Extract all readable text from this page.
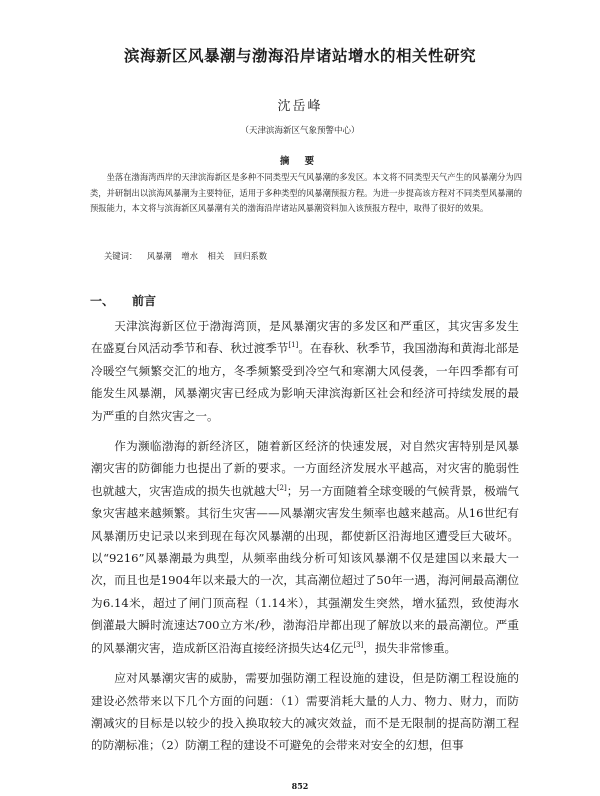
滨海新区风暴潮与渤海沿岸诸站增水的相关性研究
沈岳峰
（天津滨海新区气象预警中心）
摘 要
坐落在渤海湾西岸的天津滨海新区是多种不同类型天气风暴潮的多发区。本文将不同类型天气产生的风暴潮分为四类，并研制出以滨海风暴潮为主要特征，适用于多种类型的风暴潮预报方程。为进一步提高该方程对不同类型风暴潮的预报能力，本文将与滨海新区风暴潮有关的渤海沿岸诸站风暴潮资料加入该预报方程中，取得了很好的效果。
关键词： 风暴潮 增水 相关 回归系数
一、 前言

天津滨海新区位于渤海湾顶，是风暴潮灾害的多发区和严重区，其灾害多发生在盛夏台风活动季节和春、秋过渡季节[1]。在春秋、秋季节，我国渤海和黄海北部是冷暖空气频繁交汇的地方，冬季频繁受到冷空气和寒潮大风侵袭，一年四季都有可能发生风暴潮，风暴潮灾害已经成为影响天津滨海新区社会和经济可持续发展的最为严重的自然灾害之一。

作为濒临渤海的新经济区，随着新区经济的快速发展，对自然灾害特别是风暴潮灾害的防御能力也提出了新的要求。一方面经济发展水平越高，对灾害的脆弱性也就越大，灾害造成的损失也就越大[2]；另一方面随着全球变暖的气候背景，极端气象灾害越来越频繁。其衍生灾害——风暴潮灾害发生频率也越来越高。从16世纪有风暴潮历史记录以来到现在每次风暴潮的出现，都使新区沿海地区遭受巨大破坏。以“9216”风暴潮最为典型，从频率曲线分析可知该风暴潮不仅是建国以来最大一次，而且也是1904年以来最大的一次，其高潮位超过了50年一遇，海河闸最高潮位为6.14米，超过了闸门顶高程（1.14米），其强潮发生突然，增水猛烈，致使海水倒灌最大瞬时流速达700立方米/秒，渤海沿岸都出现了解放以来的最高潮位。严重的风暴潮灾害，造成新区沿海直接经济损失达4亿元[3]，损失非常惨重。

应对风暴潮灾害的威胁，需要加强防潮工程设施的建设，但是防潮工程设施的建设必然带来以下几个方面的问题：（1）需要消耗大量的人力、物力、财力，而防潮减灾的目标是以较少的投入换取较大的减灾效益，而不是无限制的提高防潮工程的防潮标准；（2）防潮工程的建设不可避免的会带来对安全的幻想，但事

852
